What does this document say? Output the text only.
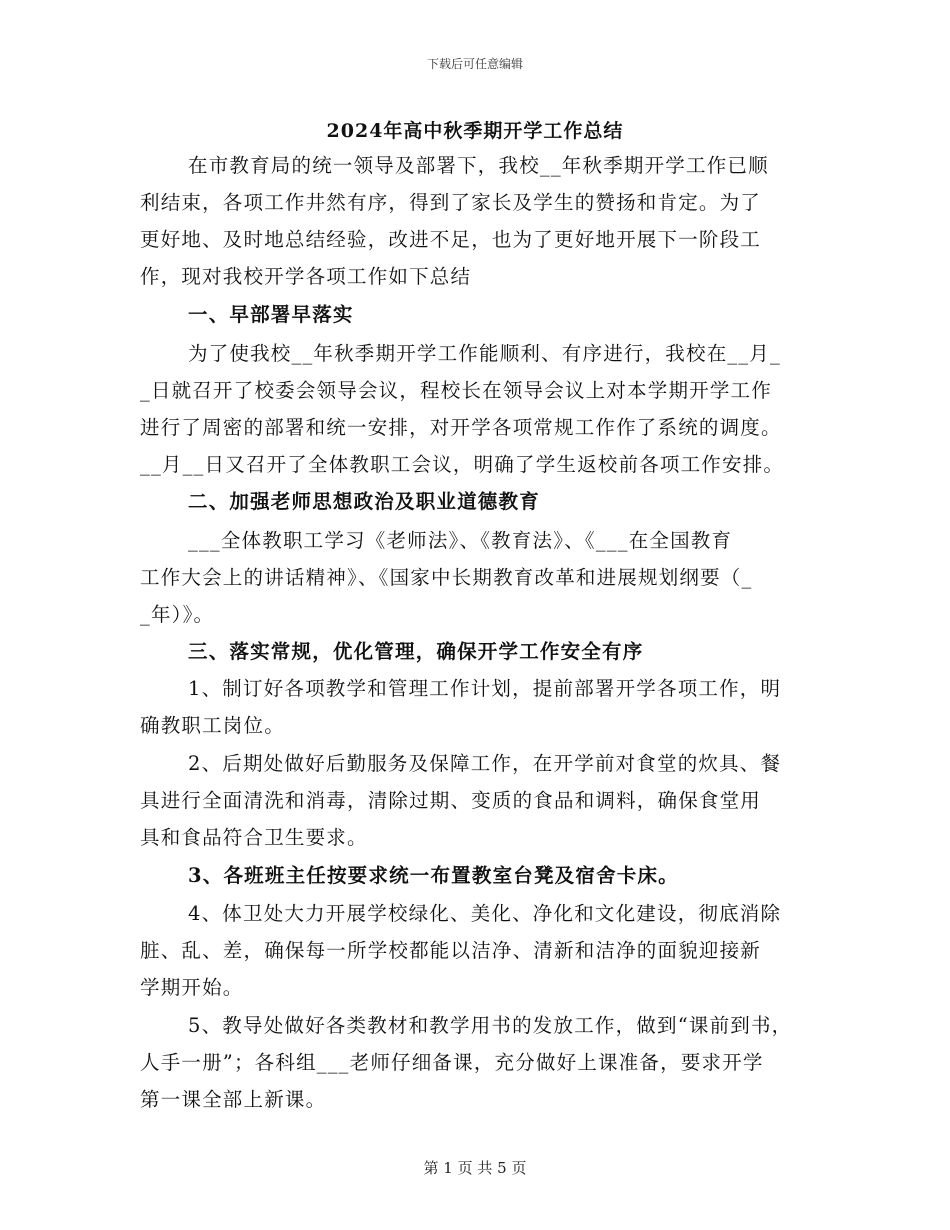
下载后可任意编辑
2024年高中秋季期开学工作总结
在市教育局的统一领导及部署下，我校__年秋季期开学工作已顺
利结束，各项工作井然有序，得到了家长及学生的赞扬和肯定。为了
更好地、及时地总结经验，改进不足，也为了更好地开展下一阶段工
作，现对我校开学各项工作如下总结
一、早部署早落实
为了使我校__年秋季期开学工作能顺利、有序进行，我校在__月_
_日就召开了校委会领导会议，程校长在领导会议上对本学期开学工作
进行了周密的部署和统一安排，对开学各项常规工作作了系统的调度。
__月__日又召开了全体教职工会议，明确了学生返校前各项工作安排。
二、加强老师思想政治及职业道德教育
___全体教职工学习《老师法》、《教育法》、《___在全国教育
工作大会上的讲话精神》、《国家中长期教育改革和进展规划纲要（_
_年）》。
三、落实常规，优化管理，确保开学工作安全有序
1、制订好各项教学和管理工作计划，提前部署开学各项工作，明
确教职工岗位。
2、后期处做好后勤服务及保障工作，在开学前对食堂的炊具、餐
具进行全面清洗和消毒，清除过期、变质的食品和调料，确保食堂用
具和食品符合卫生要求。
3、各班班主任按要求统一布置教室台凳及宿舍卡床。
4、体卫处大力开展学校绿化、美化、净化和文化建设，彻底消除
脏、乱、差，确保每一所学校都能以洁净、清新和洁净的面貌迎接新
学期开始。
5、教导处做好各类教材和教学用书的发放工作，做到“课前到书，
人手一册”；各科组___老师仔细备课，充分做好上课准备，要求开学
第一课全部上新课。
第 1 页 共 5 页
